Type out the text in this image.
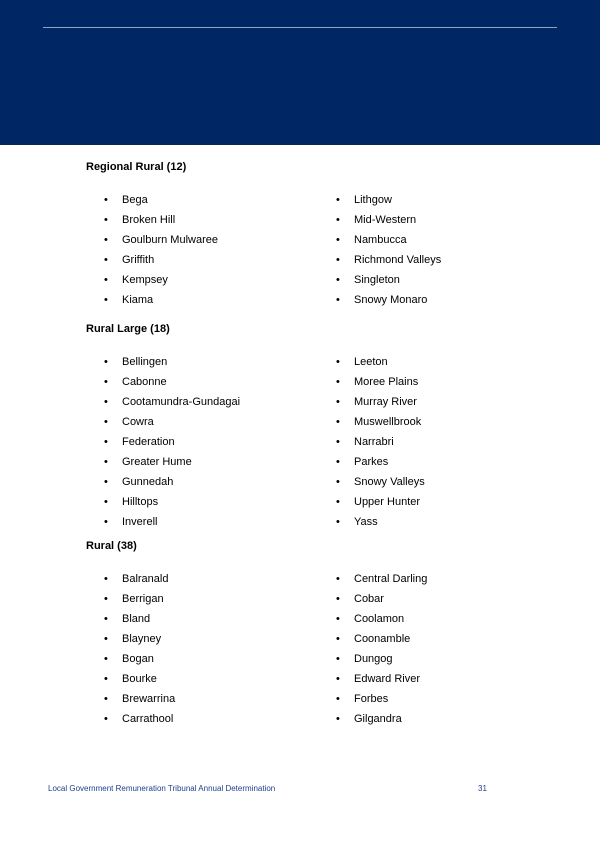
Regional Rural (12)
• Bega
• Broken Hill
• Goulburn Mulwaree
• Griffith
• Kempsey
• Kiama
• Lithgow
• Mid-Western
• Nambucca
• Richmond Valleys
• Singleton
• Snowy Monaro
Rural Large (18)
• Bellingen
• Cabonne
• Cootamundra-Gundagai
• Cowra
• Federation
• Greater Hume
• Gunnedah
• Hilltops
• Inverell
• Leeton
• Moree Plains
• Murray River
• Muswellbrook
• Narrabri
• Parkes
• Snowy Valleys
• Upper Hunter
• Yass
Rural (38)
• Balranald
• Berrigan
• Bland
• Blayney
• Bogan
• Bourke
• Brewarrina
• Carrathool
• Central Darling
• Cobar
• Coolamon
• Coonamble
• Dungog
• Edward River
• Forbes
• Gilgandra
Local Government Remuneration Tribunal Annual Determination	31
